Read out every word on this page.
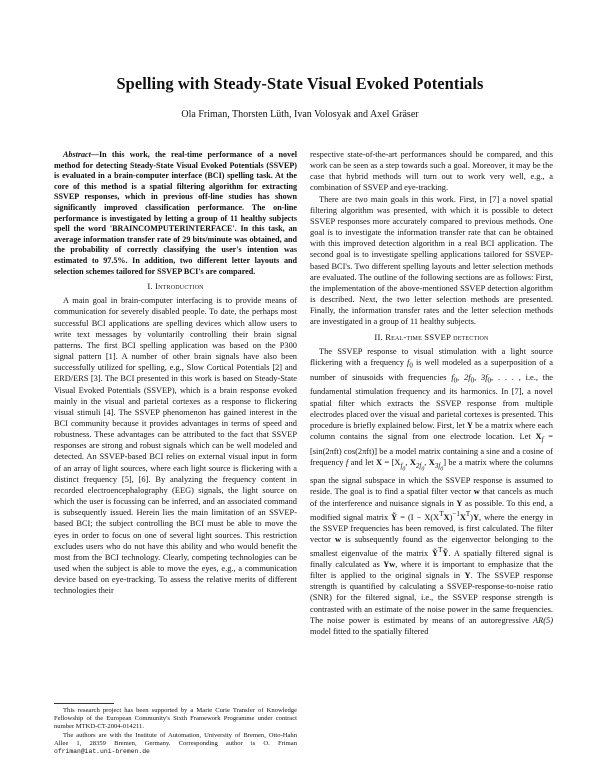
Spelling with Steady-State Visual Evoked Potentials
Ola Friman, Thorsten Lüth, Ivan Volosyak and Axel Gräser
Abstract—In this work, the real-time performance of a novel method for detecting Steady-State Visual Evoked Potentials (SSVEP) is evaluated in a brain-computer interface (BCI) spelling task. At the core of this method is a spatial filtering algorithm for extracting SSVEP responses, which in previous off-line studies has shown significantly improved classification performance. The on-line performance is investigated by letting a group of 11 healthy subjects spell the word 'BRAINCOMPUTERINTERFACE'. In this task, an average information transfer rate of 29 bits/minute was obtained, and the probability of correctly classifying the user's intention was estimated to 97.5%. In addition, two different letter layouts and selection schemes tailored for SSVEP BCI's are compared.
I. Introduction

A main goal in brain-computer interfacing is to provide means of communication for severely disabled people. To date, the perhaps most successful BCI applications are spelling devices which allow users to write text messages by voluntarily controlling their brain signal patterns. The first BCI spelling application was based on the P300 signal pattern [1]. A number of other brain signals have also been successfully utilized for spelling, e.g., Slow Cortical Potentials [2] and ERD/ERS [3]. The BCI presented in this work is based on Steady-State Visual Evoked Potentials (SSVEP), which is a brain response evoked mainly in the visual and parietal cortexes as a response to flickering visual stimuli [4]. The SSVEP phenomenon has gained interest in the BCI community because it provides advantages in terms of speed and robustness. These advantages can be attributed to the fact that SSVEP responses are strong and robust signals which can be well modeled and detected. An SSVEP-based BCI relies on external visual input in form of an array of light sources, where each light source is flickering with a distinct frequency [5], [6]. By analyzing the frequency content in recorded electroencephalography (EEG) signals, the light source on which the user is focussing can be inferred, and an associated command is subsequently issued. Herein lies the main limitation of an SSVEP-based BCI; the subject controlling the BCI must be able to move the eyes in order to focus on one of several light sources. This restriction excludes users who do not have this ability and who would benefit the most from the BCI technology. Clearly, competing technologies can be used when the subject is able to move the eyes, e.g., a communication device based on eye-tracking. To assess the relative merits of different technologies their

This research project has been supported by a Marie Curie Transfer of Knowledge Fellowship of the European Community's Sixth Framework Programme under contract number MTKD-CT-2004-014211.

The authors are with the Institute of Automation, University of Bremen, Otto-Hahn Allee 1, 28359 Bremen, Germany. Corresponding author is O. Friman ofriman@iat.uni-bremen.de

respective state-of-the-art performances should be compared, and this work can be seen as a step towards such a goal. Moreover, it may be the case that hybrid methods will turn out to work very well, e.g., a combination of SSVEP and eye-tracking.

There are two main goals in this work. First, in [7] a novel spatial filtering algorithm was presented, with which it is possible to detect SSVEP responses more accurately compared to previous methods. One goal is to investigate the information transfer rate that can be obtained with this improved detection algorithm in a real BCI application. The second goal is to investigate spelling applications tailored for SSVEP-based BCI's. Two different spelling layouts and letter selection methods are evaluated. The outline of the following sections are as follows: First, the implementation of the above-mentioned SSVEP detection algorithm is described. Next, the two letter selection methods are presented. Finally, the information transfer rates and the letter selection methods are investigated in a group of 11 healthy subjects.

II. Real-time SSVEP detection

The SSVEP response to visual stimulation with a light source flickering with a frequency $f_0$ is well modeled as a superposition of a number of sinusoids with frequencies $f_0$, $2f_0$, $3f_0$, . . . , i.e., the fundamental stimulation frequency and its harmonics. In [7], a novel spatial filter which extracts the SSVEP response from multiple electrodes placed over the visual and parietal cortexes is presented. This procedure is briefly explained below. First, let Y be a matrix where each column contains the signal from one electrode location. Let $X_f = [\sin(2\pi ft)$ cos(2πft)] be a model matrix containing a sine and a cosine of frequency f and let $X = [X_{f_0}$, $X_{2f_0}$, $X_{3f_0}$] be a matrix where the columns span the signal subspace in which the SSVEP response is assumed to reside. The goal is to find a spatial filter vector w that cancels as much of the interference and nuisance signals in Y as possible. To this end, a modified signal matrix Ỹ = $(I - X(X^TX)^{-1}X^T)Y$, where the energy in the SSVEP frequencies has been removed, is first calculated. The filter vector w is subsequently found as the eigenvector belonging to the smallest eigenvalue of the matrix Ỹ$^T$Ỹ. A spatially filtered signal is finally calculated as Yw, where it is important to emphasize that the filter is applied to the original signals in Y. The SSVEP response strength is quantified by calculating a SSVEP-response-to-noise ratio (SNR) for the filtered signal, i.e., the SSVEP response strength is contrasted with an estimate of the noise power in the same frequencies. The noise power is estimated by means of an autoregressive AR(5) model fitted to the spatially filtered
